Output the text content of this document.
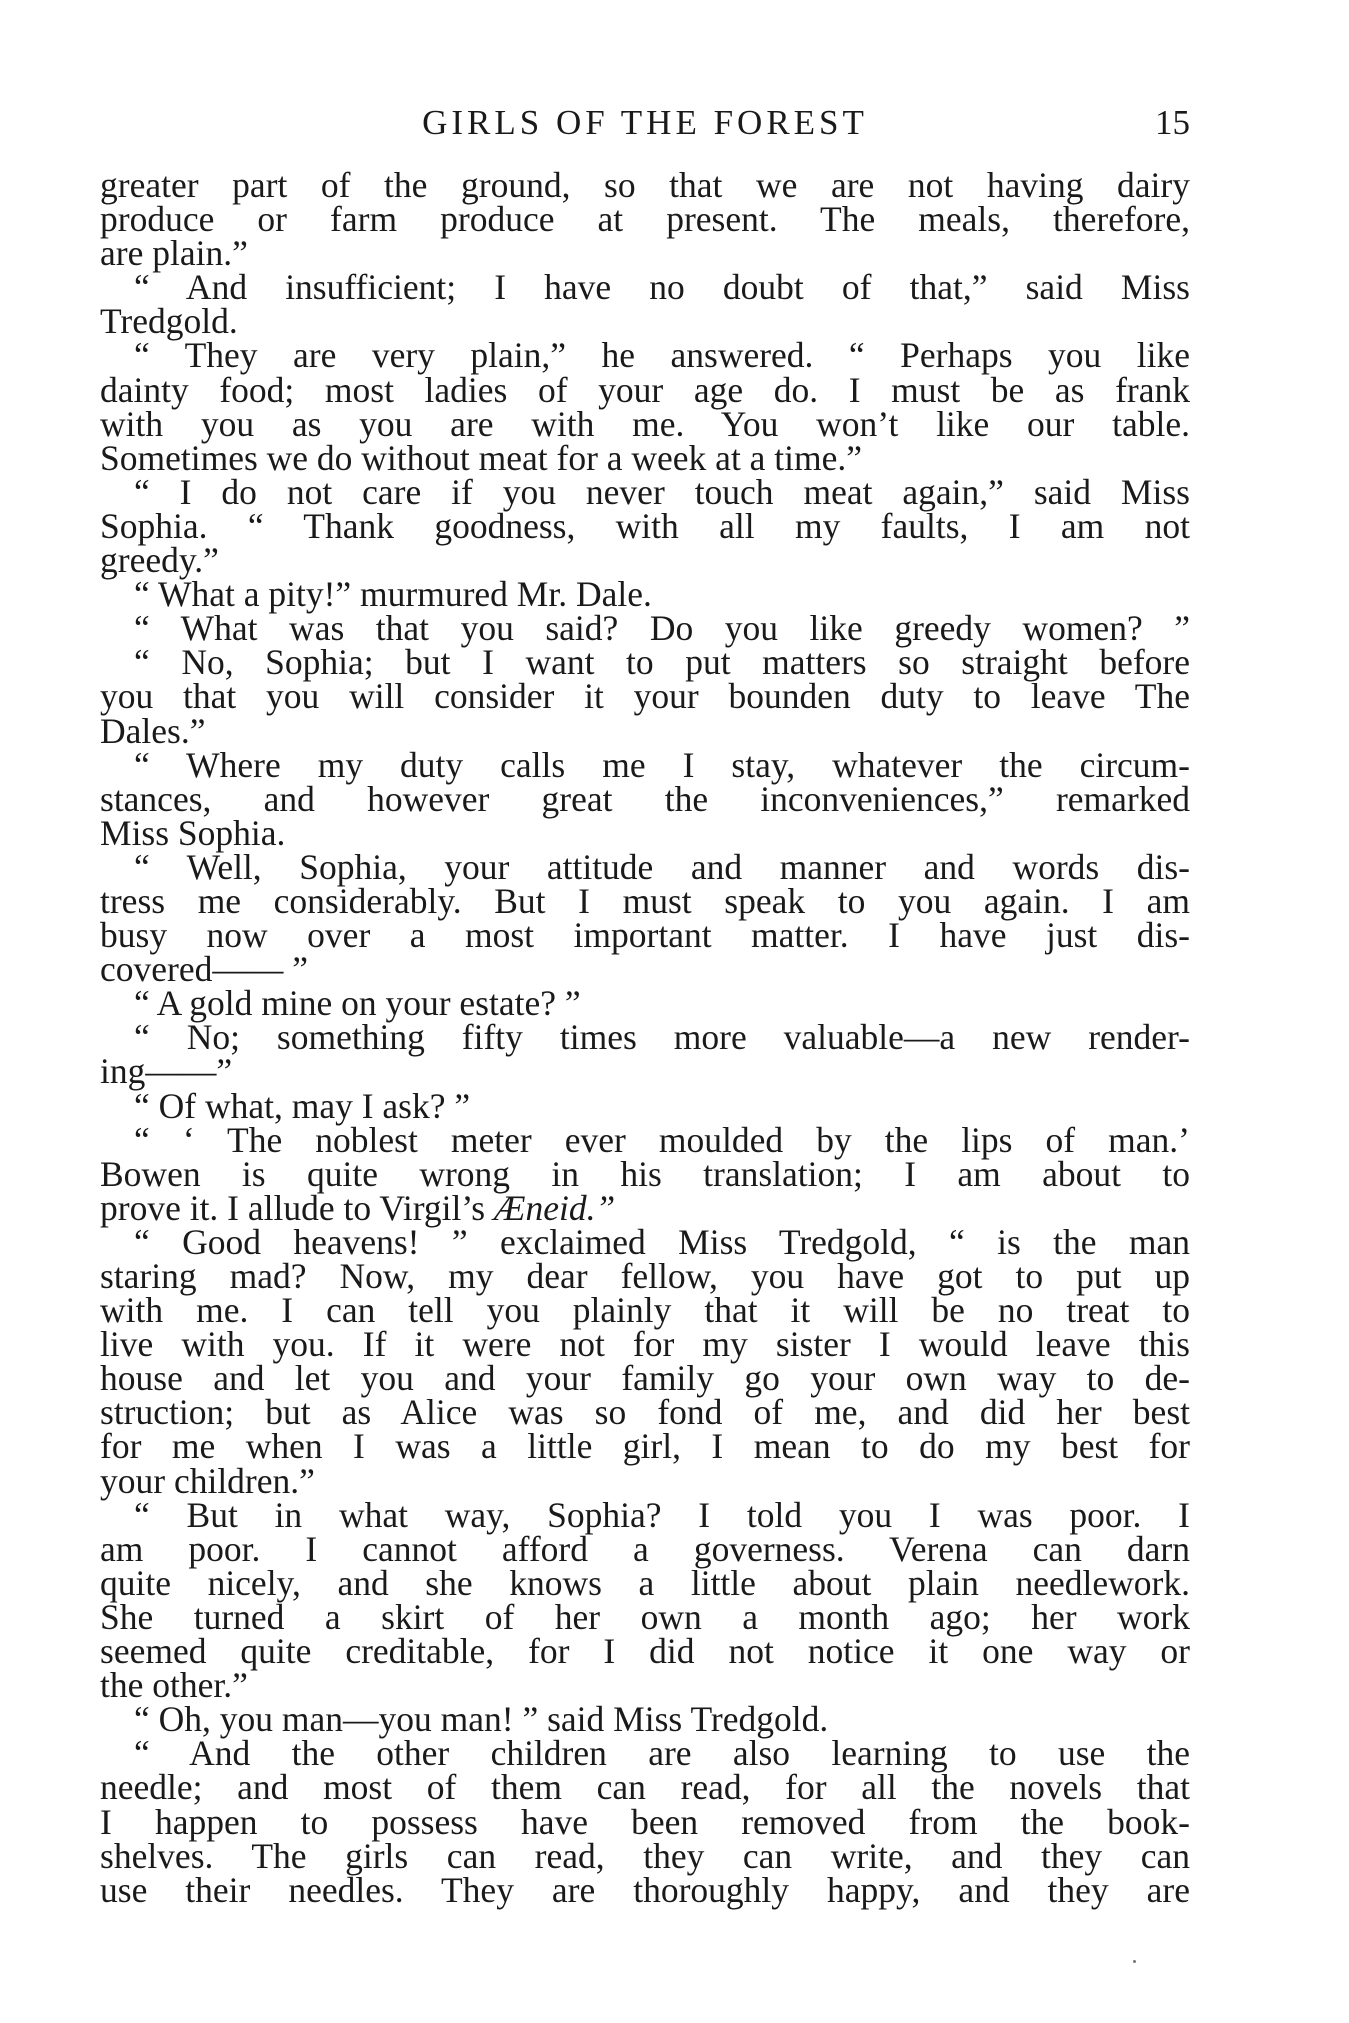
GIRLS OF THE FOREST	15
greater part of the ground, so that we are not having dairy
produce or farm produce at present. The meals, therefore,
are plain.”
“ And insufficient; I have no doubt of that,” said Miss
Tredgold.
“ They are very plain,” he answered. “ Perhaps you like
dainty food; most ladies of your age do. I must be as frank
with you as you are with me. You won’t like our table.
Sometimes we do without meat for a week at a time.”
“ I do not care if you never touch meat again,” said Miss
Sophia. “ Thank goodness, with all my faults, I am not
greedy.”
“ What a pity!” murmured Mr. Dale.
“ What was that you said? Do you like greedy women? ”
“ No, Sophia; but I want to put matters so straight before
you that you will consider it your bounden duty to leave The
Dales.”
“ Where my duty calls me I stay, whatever the circum-
stances, and however great the inconveniences,” remarked
Miss Sophia.
“ Well, Sophia, your attitude and manner and words dis-
tress me considerably. But I must speak to you again. I am
busy now over a most important matter. I have just dis-
covered—— ”
“ A gold mine on your estate? ”
“ No; something fifty times more valuable—a new render-
ing——”
“ Of what, may I ask? ”
“ ‘ The noblest meter ever moulded by the lips of man.’
Bowen is quite wrong in his translation; I am about to
prove it. I allude to Virgil’s Æneid.”
“ Good heavens! ” exclaimed Miss Tredgold, “ is the man
staring mad? Now, my dear fellow, you have got to put up
with me. I can tell you plainly that it will be no treat to
live with you. If it were not for my sister I would leave this
house and let you and your family go your own way to de-
struction; but as Alice was so fond of me, and did her best
for me when I was a little girl, I mean to do my best for
your children.”
“ But in what way, Sophia? I told you I was poor. I
am poor. I cannot afford a governess. Verena can darn
quite nicely, and she knows a little about plain needlework.
She turned a skirt of her own a month ago; her work
seemed quite creditable, for I did not notice it one way or
the other.”
“ Oh, you man—you man! ” said Miss Tredgold.
“ And the other children are also learning to use the
needle; and most of them can read, for all the novels that
I happen to possess have been removed from the book-
shelves. The girls can read, they can write, and they can
use their needles. They are thoroughly happy, and they are
